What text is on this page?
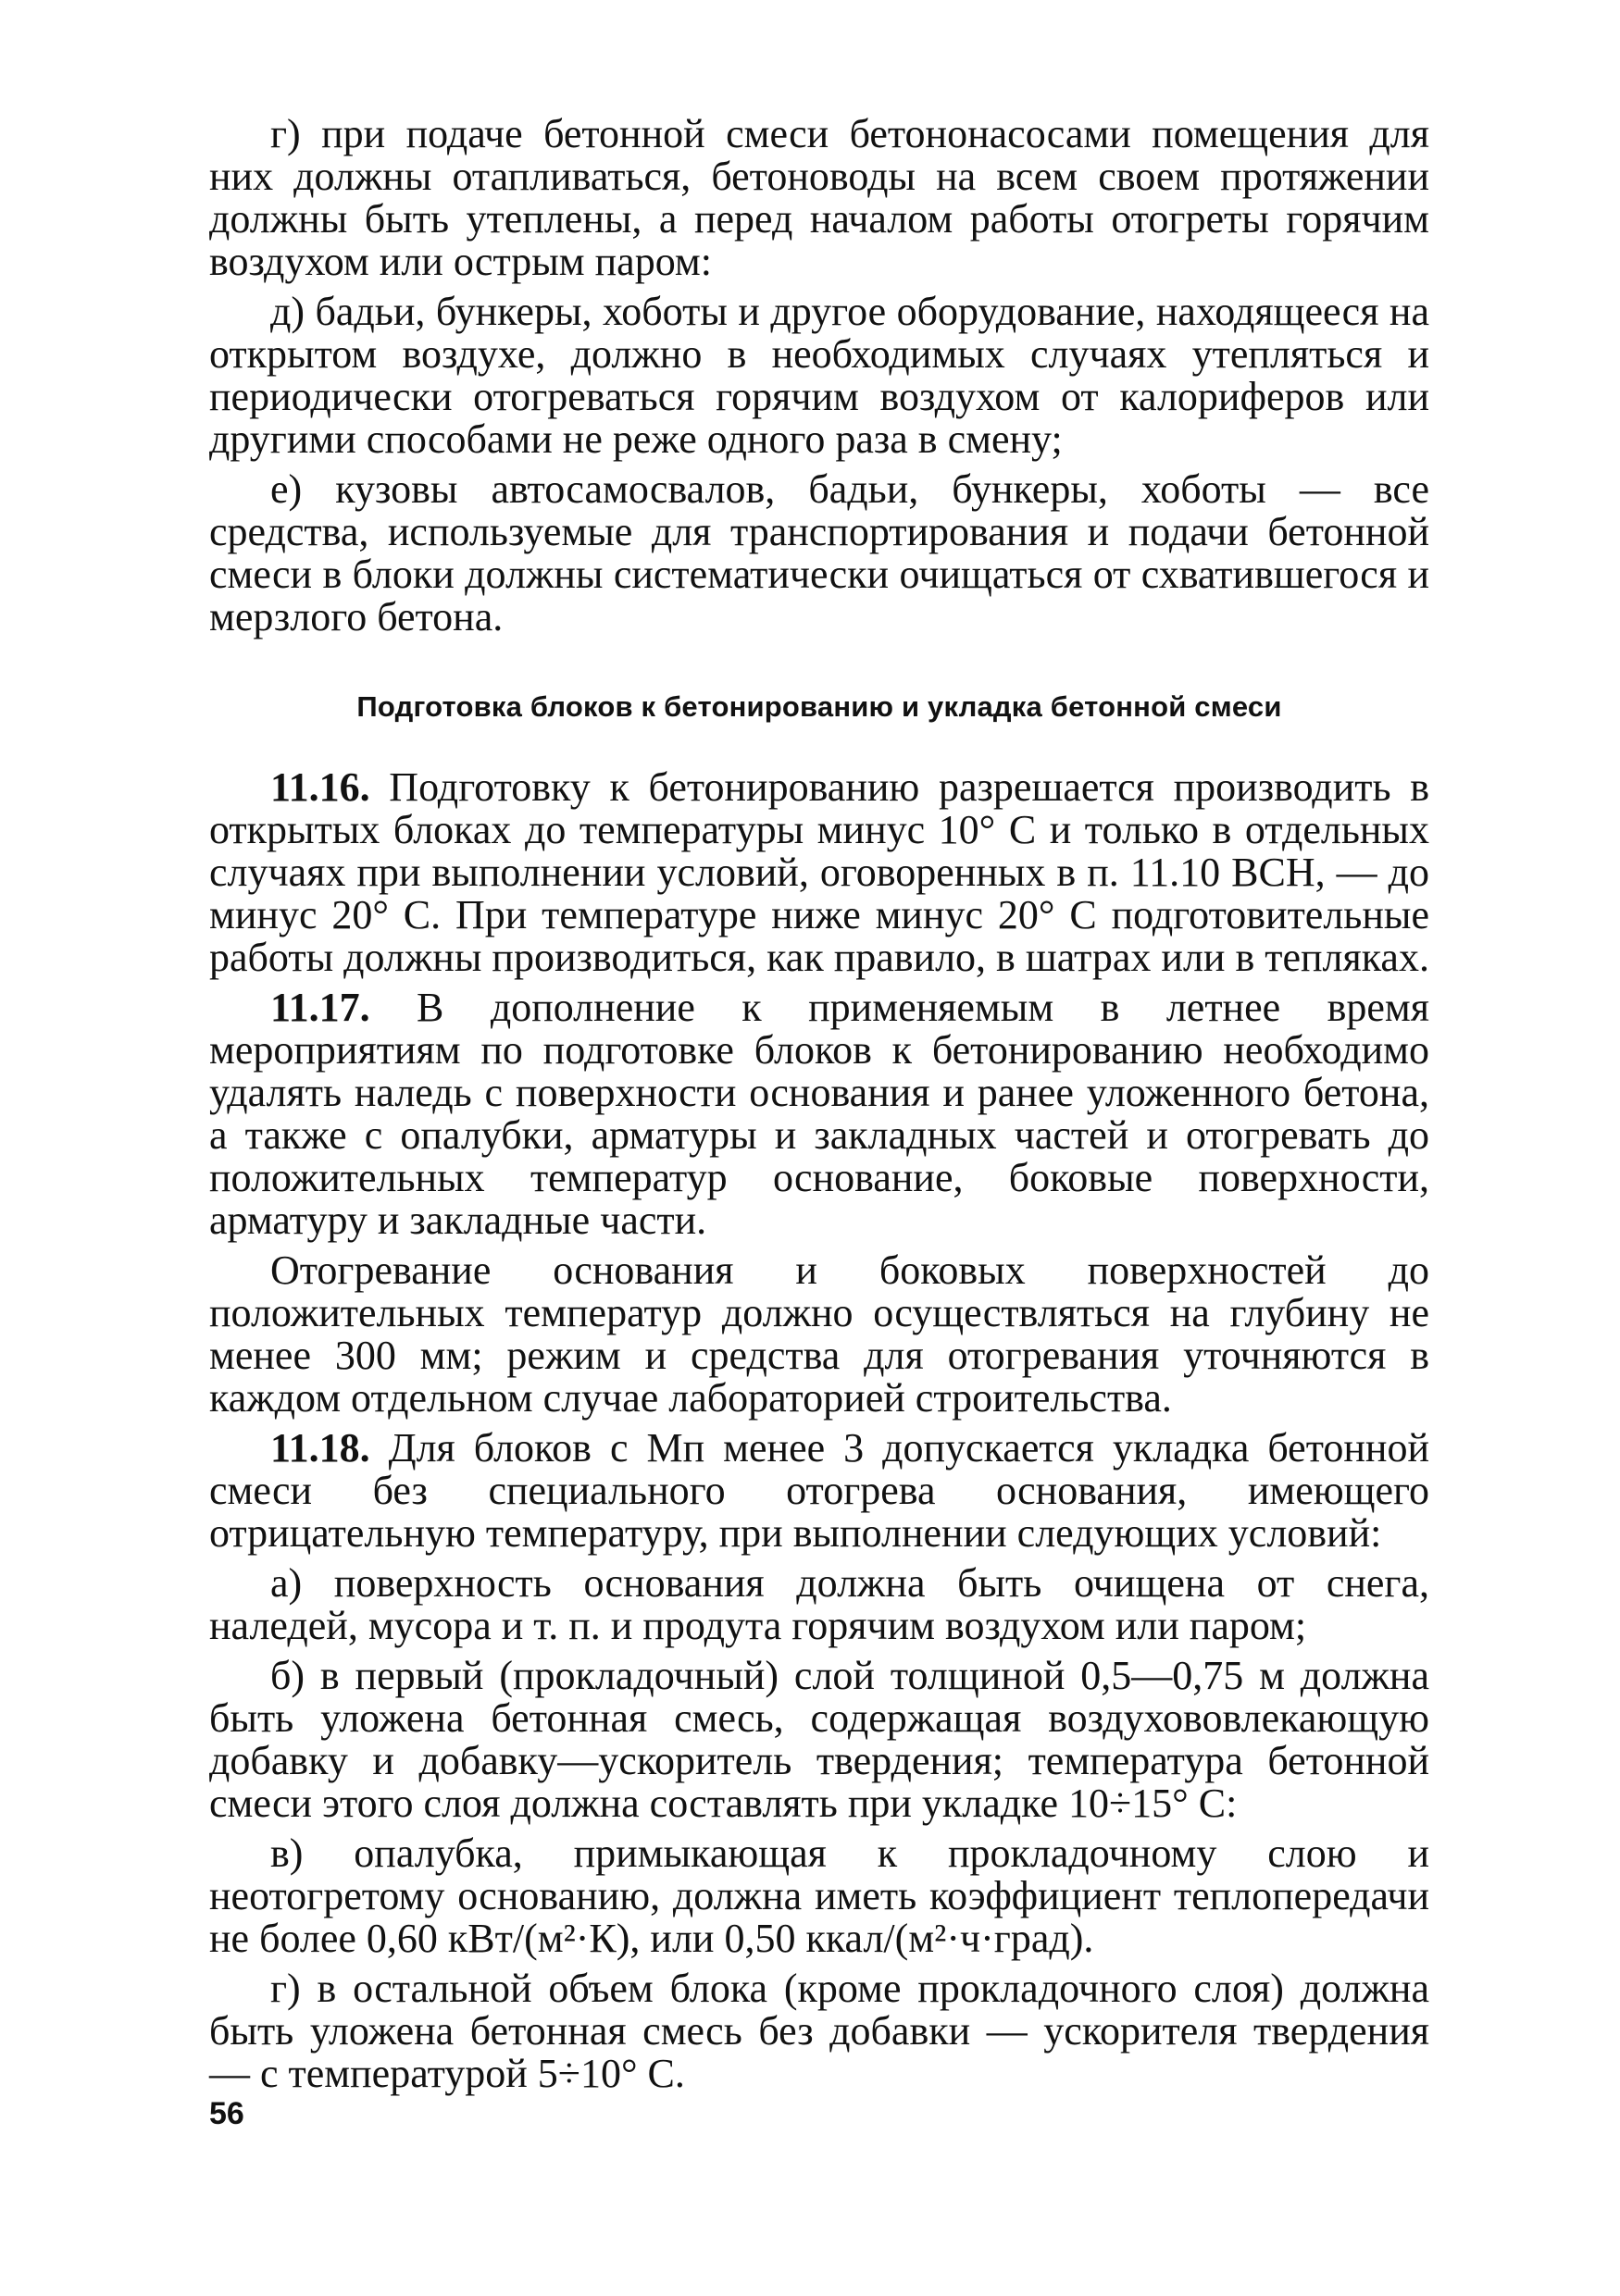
г) при подаче бетонной смеси бетононасосами помещения для них должны отапливаться, бетоноводы на всем своем протяжении должны быть утеплены, а перед началом работы отогреты горячим воздухом или острым паром:

д) бадьи, бункеры, хоботы и другое оборудование, находящееся на открытом воздухе, должно в необходимых случаях утепляться и периодически отогреваться горячим воздухом от калориферов или другими способами не реже одного раза в смену;

е) кузовы автосамосвалов, бадьи, бункеры, хоботы — все средства, используемые для транспортирования и подачи бетонной смеси в блоки должны систематически очищаться от схватившегося и мерзлого бетона.

Подготовка блоков к бетонированию и укладка бетонной смеси

11.16. Подготовку к бетонированию разрешается производить в открытых блоках до температуры минус 10° С и только в отдельных случаях при выполнении условий, оговоренных в п. 11.10 ВСН, — до минус 20° С. При температуре ниже минус 20° С подготовительные работы должны производиться, как правило, в шатрах или в тепляках.

11.17. В дополнение к применяемым в летнее время мероприятиям по подготовке блоков к бетонированию необходимо удалять наледь с поверхности основания и ранее уложенного бетона, а также с опалубки, арматуры и закладных частей и отогревать до положительных температур основание, боковые поверхности, арматуру и закладные части.

Отогревание основания и боковых поверхностей до положительных температур должно осуществляться на глубину не менее 300 мм; режим и средства для отогревания уточняются в каждом отдельном случае лабораторией строительства.

11.18. Для блоков с Мп менее 3 допускается укладка бетонной смеси без специального отогрева основания, имеющего отрицательную температуру, при выполнении следующих условий:

а) поверхность основания должна быть очищена от снега, наледей, мусора и т. п. и продута горячим воздухом или паром;

б) в первый (прокладочный) слой толщиной 0,5—0,75 м должна быть уложена бетонная смесь, содержащая воздухововлекающую добавку и добавку—ускоритель твердения; температура бетонной смеси этого слоя должна составлять при укладке 10÷15° С:

в) опалубка, примыкающая к прокладочному слою и неотогретому основанию, должна иметь коэффициент теплопередачи не более 0,60 кВт/(м²·К), или 0,50 ккал/(м²·ч·град).

г) в остальной объем блока (кроме прокладочного слоя) должна быть уложена бетонная смесь без добавки — ускорителя твердения — с температурой 5÷10° С.

56
